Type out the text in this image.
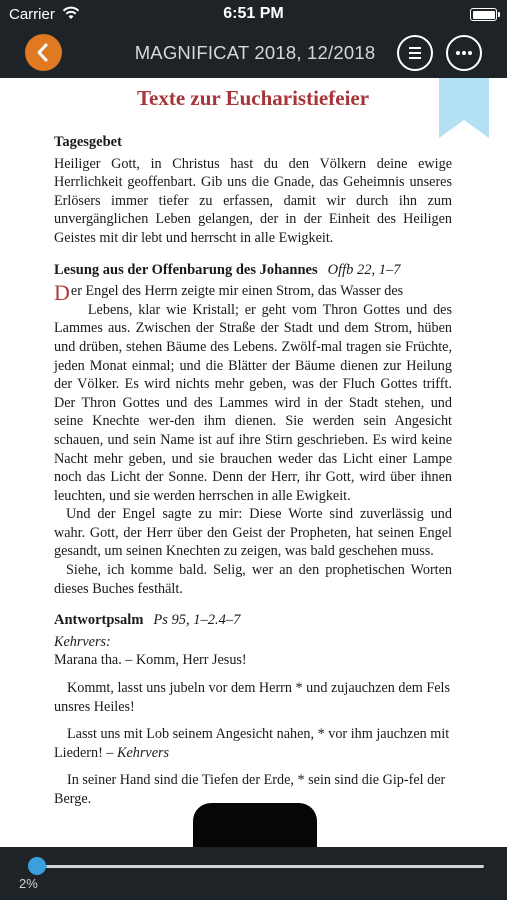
Carrier	6:51 PM
MAGNIFICAT 2018, 12/2018
Texte zur Eucharistiefeier
Tagesgebet

Heiliger Gott, in Christus hast du den Völkern deine ewige Herrlichkeit geoffenbart. Gib uns die Gnade, das Geheimnis unseres Erlösers immer tiefer zu erfassen, damit wir durch ihn zum unvergänglichen Leben gelangen, der in der Einheit des Heiligen Geistes mit dir lebt und herrscht in alle Ewigkeit.

Lesung aus der Offenbarung des Johannes Offb 22, 1–7

Der Engel des Herrn zeigte mir einen Strom, das Wasser des

Lebens, klar wie Kristall; er geht vom Thron Gottes und des Lammes aus. Zwischen der Straße der Stadt und dem Strom, hüben und drüben, stehen Bäume des Lebens. Zwölf-mal tragen sie Früchte, jeden Monat einmal; und die Blätter der Bäume dienen zur Heilung der Völker. Es wird nichts mehr geben, was der Fluch Gottes trifft. Der Thron Gottes und des Lammes wird in der Stadt stehen, und seine Knechte wer-den ihm dienen. Sie werden sein Angesicht schauen, und sein Name ist auf ihre Stirn geschrieben. Es wird keine Nacht mehr geben, und sie brauchen weder das Licht einer Lampe noch das Licht der Sonne. Denn der Herr, ihr Gott, wird über ihnen leuchten, und sie werden herrschen in alle Ewigkeit.

Und der Engel sagte zu mir: Diese Worte sind zuverlässig und wahr. Gott, der Herr über den Geist der Propheten, hat seinen Engel gesandt, um seinen Knechten zu zeigen, was bald geschehen muss.

Siehe, ich komme bald. Selig, wer an den prophetischen Worten dieses Buches festhält.

Antwortpsalm Ps 95, 1–2.4–7

Kehrvers:

Marana tha. – Komm, Herr Jesus!

Kommt, lasst uns jubeln vor dem Herrn * und zujauchzen dem Fels unsres Heiles!

Lasst uns mit Lob seinem Angesicht nahen, * vor ihm jauchzen mit Liedern! – Kehrvers

In seiner Hand sind die Tiefen der Erde, * sein sind die Gip-fel der Berge.

2%
